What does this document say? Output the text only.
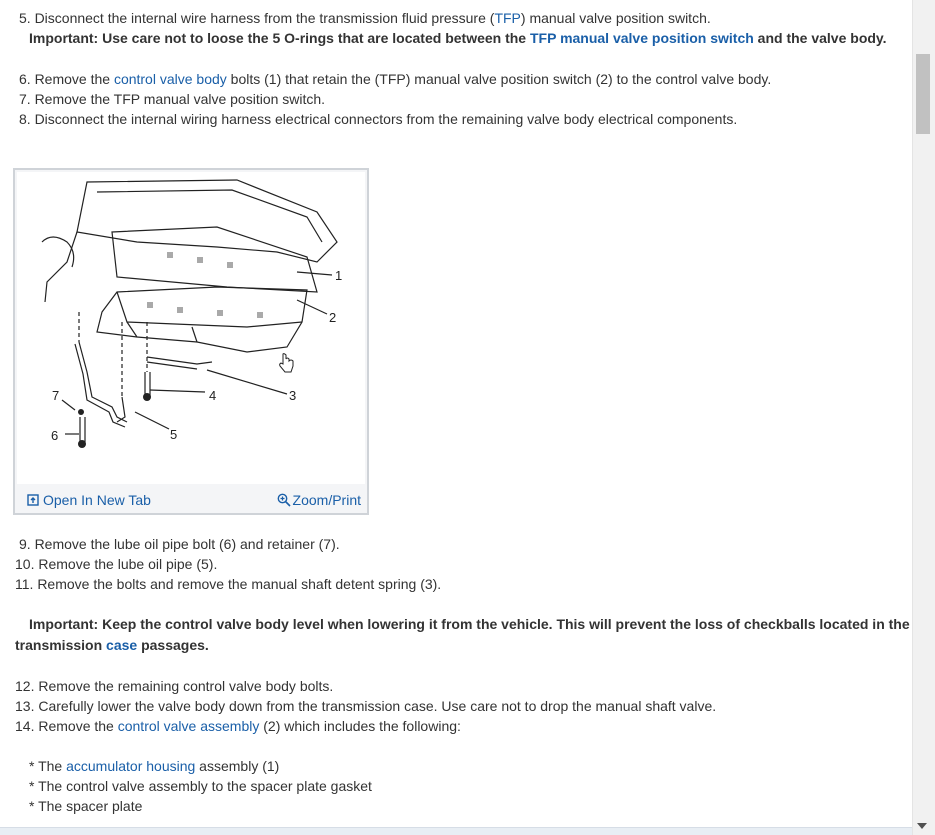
5. Disconnect the internal wire harness from the transmission fluid pressure (TFP) manual valve position switch.
Important: Use care not to loose the 5 O-rings that are located between the TFP manual valve position switch and the valve body.
6. Remove the control valve body bolts (1) that retain the (TFP) manual valve position switch (2) to the control valve body.
7. Remove the TFP manual valve position switch.
8. Disconnect the internal wiring harness electrical connectors from the remaining valve body electrical components.
1
2
3
4
5
6
7
Open In New Tab	Zoom/Print
9. Remove the lube oil pipe bolt (6) and retainer (7).
10. Remove the lube oil pipe (5).
11. Remove the bolts and remove the manual shaft detent spring (3).
Important: Keep the control valve body level when lowering it from the vehicle. This will prevent the loss of checkballs located in the
transmission case passages.
12. Remove the remaining control valve body bolts.
13. Carefully lower the valve body down from the transmission case. Use care not to drop the manual shaft valve.
14. Remove the control valve assembly (2) which includes the following:
* The accumulator housing assembly (1)
* The control valve assembly to the spacer plate gasket
* The spacer plate
